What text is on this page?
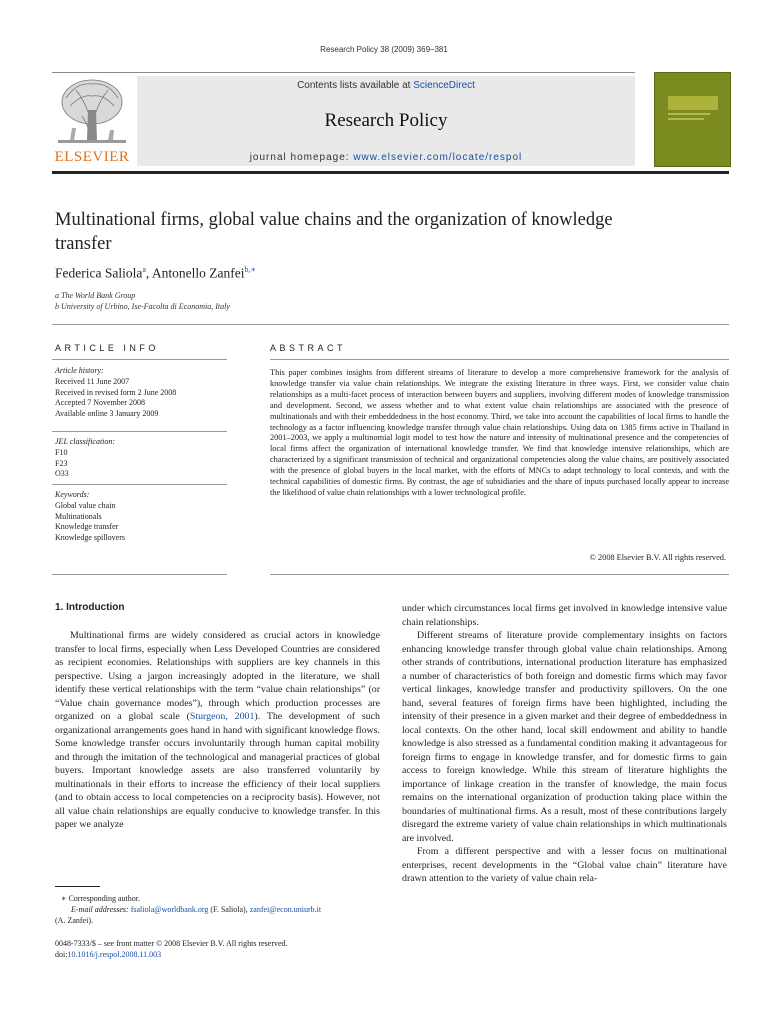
Research Policy 38 (2009) 369–381
ELSEVIER
Contents lists available at ScienceDirect
Research Policy
journal homepage: www.elsevier.com/locate/respol
Multinational firms, global value chains and the organization of knowledge transfer
Federica Saliola$^a$, Antonello Zanfei$^{b,∗}$
a The World Bank Group
b University of Urbino, Ise-Facolta di Economia, Italy
ARTICLE INFO	ABSTRACT
Article history:
Received 11 June 2007
Received in revised form 2 June 2008
Accepted 7 November 2008
Available online 3 January 2009
JEL classification:
F10
F23
O33
Keywords:
Global value chain
Multinationals
Knowledge transfer
Knowledge spillovers
This paper combines insights from different streams of literature to develop a more comprehensive framework for the analysis of knowledge transfer via value chain relationships. We integrate the existing literature in three ways. First, we consider value chain relationships as a multi-facet process of interaction between buyers and suppliers, involving different modes of knowledge transmission and development. Second, we assess whether and to what extent value chain relationships are associated with the presence of multinationals and with their embeddedness in the host economy. Third, we take into account the capabilities of local firms to handle the technology as a factor influencing knowledge transfer through value chain relationships. Using data on 1385 firms active in Thailand in 2001–2003, we apply a multinomial logit model to test how the nature and intensity of multinational presence and the competencies of local firms affect the organization of international knowledge transfer. We find that knowledge intensive relationships, which are characterized by a significant transmission of technical and organizational competencies along the value chains, are positively associated with the presence of global buyers in the local market, with the efforts of MNCs to adapt technology to local contexts, and with the technical capabilities of domestic firms. By contrast, the age of subsidiaries and the share of inputs purchased locally appear to increase the likelihood of value chain relationships with a lower technological profile.
© 2008 Elsevier B.V. All rights reserved.
1. Introduction

Multinational firms are widely considered as crucial actors in knowledge transfer to local firms, especially when Less Developed Countries are considered as recipient economies. Relationships with suppliers are key channels in this perspective. Using a jargon increasingly adopted in the literature, we shall identify these vertical relationships with the term “value chain relationships” (or “Value chain governance modes”), through which production processes are organized on a global scale (Sturgeon, 2001). The development of such organizational arrangements goes hand in hand with significant knowledge flows. Some knowledge transfer occurs involuntarily through human capital mobility and through the imitation of the technological and managerial practices of global buyers. Important knowledge assets are also transferred voluntarily by multinationals in their efforts to increase the efficiency of their local suppliers (and to obtain access to local competencies on a reciprocity basis). However, not all value chain relationships are equally conducive to knowledge transfer. In this paper we analyze

under which circumstances local firms get involved in knowledge intensive value chain relationships.

Different streams of literature provide complementary insights on factors enhancing knowledge transfer through global value chain relationships. Among other strands of contributions, international production literature has emphasized a number of characteristics of both foreign and domestic firms which may favor vertical linkages, knowledge transfer and productivity spillovers. On the one hand, several features of foreign firms have been highlighted, including the intensity of their presence in a given market and their degree of embeddedness in local contexts. On the other hand, local skill endowment and ability to handle knowledge is also stressed as a fundamental condition making it advantageous for foreign firms to engage in knowledge transfer, and for domestic firms to gain access to foreign knowledge. While this stream of literature highlights the importance of linkage creation in the transfer of knowledge, the main focus remains on the international organization of production taking place within the boundaries of multinational firms. As a result, most of these contributions largely disregard the extreme variety of value chain relationships in which multinationals are involved.

From a different perspective and with a lesser focus on multinational enterprises, recent developments in the “Global value chain” literature have drawn attention to the variety of value chain rela-

∗ Corresponding author.

E-mail addresses: fsaliola@worldbank.org (F. Saliola), zanfei@econ.uniurb.it

(A. Zanfei).

0048-7333/$ – see front matter © 2008 Elsevier B.V. All rights reserved.
doi:10.1016/j.respol.2008.11.003
